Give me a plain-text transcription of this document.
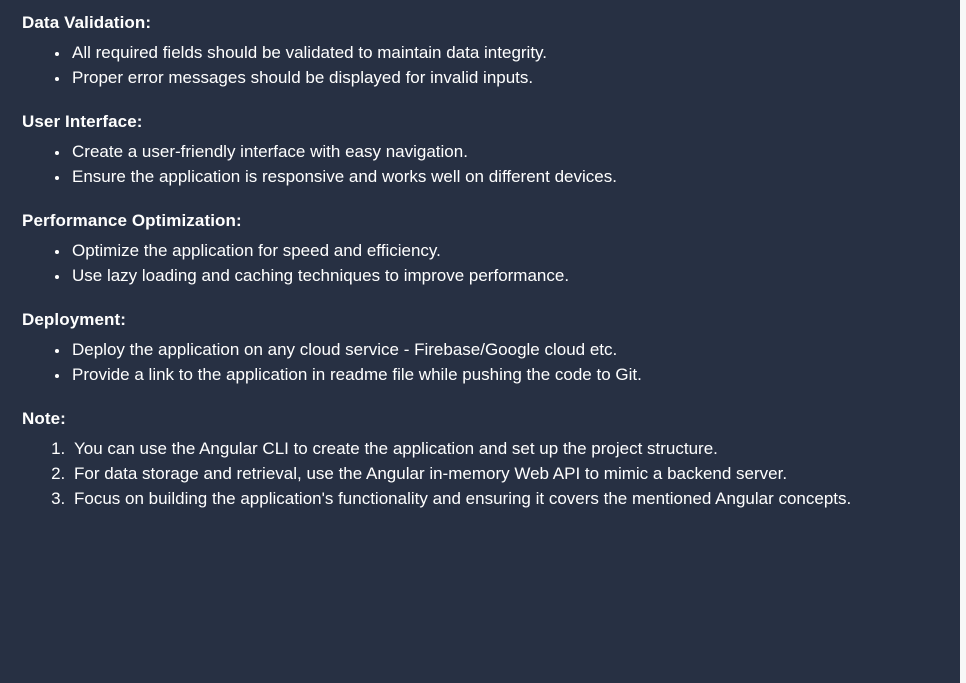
Data Validation:
• All required fields should be validated to maintain data integrity.
• Proper error messages should be displayed for invalid inputs.
User Interface:
• Create a user-friendly interface with easy navigation.
• Ensure the application is responsive and works well on different devices.
Performance Optimization:
• Optimize the application for speed and efficiency.
• Use lazy loading and caching techniques to improve performance.
Deployment:
• Deploy the application on any cloud service - Firebase/Google cloud etc.
• Provide a link to the application in readme file while pushing the code to Git.
Note:
1. You can use the Angular CLI to create the application and set up the project structure.
2. For data storage and retrieval, use the Angular in-memory Web API to mimic a backend server.
3. Focus on building the application's functionality and ensuring it covers the mentioned Angular concepts.
